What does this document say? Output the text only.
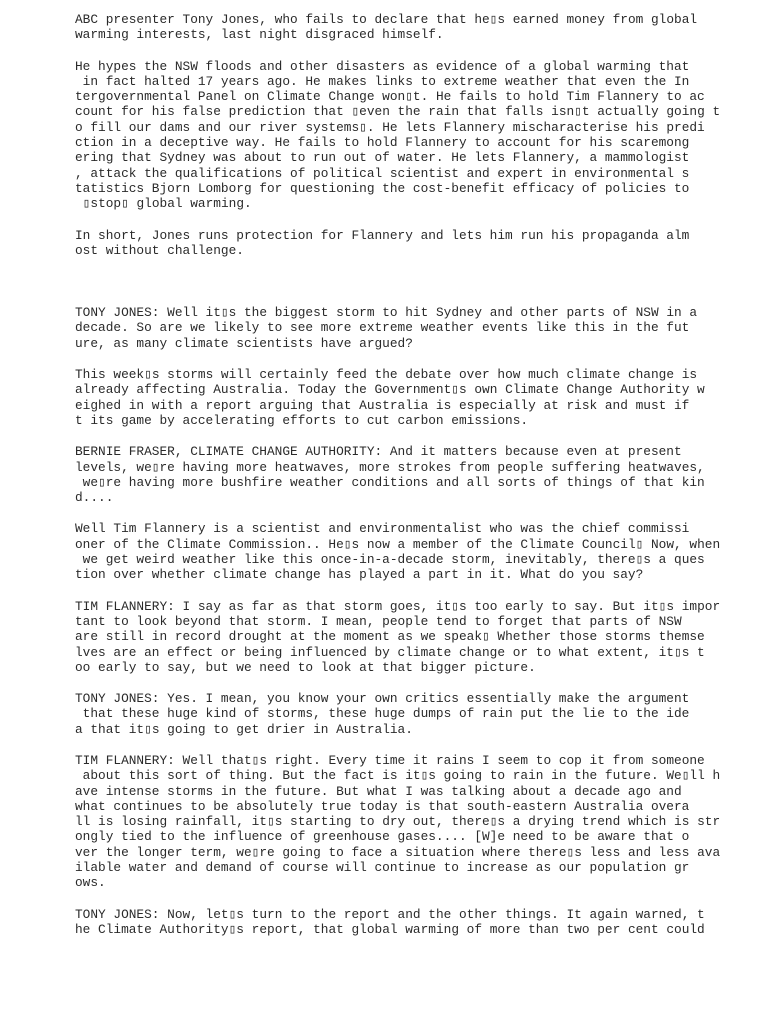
ABC presenter Tony Jones, who fails to declare that he▯s earned money from global
warming interests, last night disgraced himself.
He hypes the NSW floods and other disasters as evidence of a global warming that
in fact halted 17 years ago. He makes links to extreme weather that even the In
tergovernmental Panel on Climate Change won▯t. He fails to hold Tim Flannery to ac
count for his false prediction that ▯even the rain that falls isn▯t actually going t
o fill our dams and our river systems▯. He lets Flannery mischaracterise his predi
ction in a deceptive way. He fails to hold Flannery to account for his scaremong
ering that Sydney was about to run out of water. He lets Flannery, a mammologist
, attack the qualifications of political scientist and expert in environmental s
tatistics Bjorn Lomborg for questioning the cost-benefit efficacy of policies to
▯stop▯ global warming.
In short, Jones runs protection for Flannery and lets him run his propaganda alm
ost without challenge.
TONY JONES: Well it▯s the biggest storm to hit Sydney and other parts of NSW in a
decade. So are we likely to see more extreme weather events like this in the fut
ure, as many climate scientists have argued?
This week▯s storms will certainly feed the debate over how much climate change is
already affecting Australia. Today the Government▯s own Climate Change Authority w
eighed in with a report arguing that Australia is especially at risk and must if
t its game by accelerating efforts to cut carbon emissions.
BERNIE FRASER, CLIMATE CHANGE AUTHORITY: And it matters because even at present
levels, we▯re having more heatwaves, more strokes from people suffering heatwaves,
we▯re having more bushfire weather conditions and all sorts of things of that kin
d....
Well Tim Flannery is a scientist and environmentalist who was the chief commissi
oner of the Climate Commission.. He▯s now a member of the Climate Council▯ Now, when
we get weird weather like this once-in-a-decade storm, inevitably, there▯s a ques
tion over whether climate change has played a part in it. What do you say?
TIM FLANNERY: I say as far as that storm goes, it▯s too early to say. But it▯s impor
tant to look beyond that storm. I mean, people tend to forget that parts of NSW
are still in record drought at the moment as we speak▯ Whether those storms themse
lves are an effect or being influenced by climate change or to what extent, it▯s t
oo early to say, but we need to look at that bigger picture.
TONY JONES: Yes. I mean, you know your own critics essentially make the argument
that these huge kind of storms, these huge dumps of rain put the lie to the ide
a that it▯s going to get drier in Australia.
TIM FLANNERY: Well that▯s right. Every time it rains I seem to cop it from someone
about this sort of thing. But the fact is it▯s going to rain in the future. We▯ll h
ave intense storms in the future. But what I was talking about a decade ago and
what continues to be absolutely true today is that south-eastern Australia overa
ll is losing rainfall, it▯s starting to dry out, there▯s a drying trend which is str
ongly tied to the influence of greenhouse gases.... [W]e need to be aware that o
ver the longer term, we▯re going to face a situation where there▯s less and less ava
ilable water and demand of course will continue to increase as our population gr
ows.
TONY JONES: Now, let▯s turn to the report and the other things. It again warned, t
he Climate Authority▯s report, that global warming of more than two per cent could
